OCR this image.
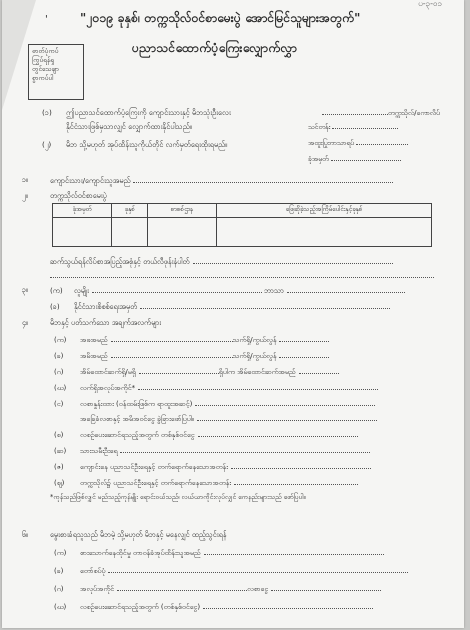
ပ-၃-၀၁
'	"၂၀၁၉ ခုနှစ်၊ တက္ကသိုလ်ဝင်စာမေးပွဲ အောင်မြင်သူများအတွက်"
ပညာသင်ထောက်ပံ့ကြေးလျှောက်လွှာ
ဓာတ်ပုံကပ်
ကြွပ်ရန်ရှ
တွင်သေချာ
စွာကပ်ပါ
(၁) ဤပညာသင်ထောက်ပံ့ကြေးကို ကျောင်းသားနှင့် မိဘသုံးဦးလေး
နိုင်ငံသားဖြစ်မှသာလျှင် လျှောက်ထားနိုင်ပါသည်။
(၂) မိဘ သို့မဟုတ် အုပ်ထိန်းသူကိုယ်တိုင် လက်မှတ်ရေးထိုးရမည်။
တက္ကသိုလ်/ကောလိပ်
သင်တန်း
အထူးပြုဘာသာရပ်
ခုံအမှတ်
၁။	ကျောင်းသား/ကျောင်းသူအမည်
၂။	တက္ကသိုလ်ဝင်စာမေးပွဲ
ခုံအမှတ်	ခုနှစ်	စာစစ်ဌာန	ဖြေဆိုခဲ့သည့်အကြိမ်ပေါင်းနှင့်ခုနှစ်

ဆက်သွယ်ရန်လိပ်စာအပြည့်အစုံနှင့် တယ်လီဖုန်းနံပါတ်
၃။	(က) လူမျိုး	ဘာသာ
(ခ) နိုင်ငံသားစိစစ်ရေးအမှတ်
၄။	မိဘနှင့် ပတ်သက်သော အချက်အလက်များ
(က) အဖအမည်	သက်ရှိ/ကွယ်လွန်
(ခ) အမိအမည်	သက်ရှိ/ကွယ်လွန်
(ဂ) အိမ်ထောင်ဆက်ရှိ/မရှိ	ရှိပါက အိမ်ထောင်ဆက်အမည်
(ဃ) လက်ရှိအလုပ်အကိုင်*
(င) လစာနှုန်းထား (ဝန်ထမ်းဖြစ်က ရာထူးအဆင့်)
အခြေခံလစာနှင့် အမိအဝင်ငွေ ခွဲခြားဖော်ပြပါ။
(စ) လစဉ်ပေးဆောင်ရသည့်အတွက် တစ်နှစ်ဝင်ငွေ
(ဆ) သားသမီးဦးရေ
(ဇ) ကျောင်းနေ ပညာသင်ဦးရေနှင့် တက်ရောက်နေသောအတန်း
(ဈ) တက္ကသိုလ်၌ ပညာသင်ဦးရေနှင့် တက်ရောက်နေသောအတန်း
*ကုန်သည်ဖြစ်လျှင် မည်သည့်ကုန်မျိုး ရောင်းဝယ်သည်၊ လယ်ယာကိုင်းလုပ်လျှင် ကေနည်းများသည် ဖော်ပြပါ။
၆။	မွေးစားခံရသူသည် မိဘမဲ့ သို့မဟုတ် မိဘနှင့် မနေလျှင် ထည့်သွင်းရန်
(က) စားသောက်နေထိုင်မှု တာဝန်ခံအုပ်ထိန်းသူအမည်
(ခ) တော်စပ်ပုံ
(ဂ) အလုပ်အကိုင်	လစာငွေ
(ဃ) လစဉ်ပေးဆောင်ရသည့်အတွက် (တစ်နှစ်ဝင်ငွေ)
